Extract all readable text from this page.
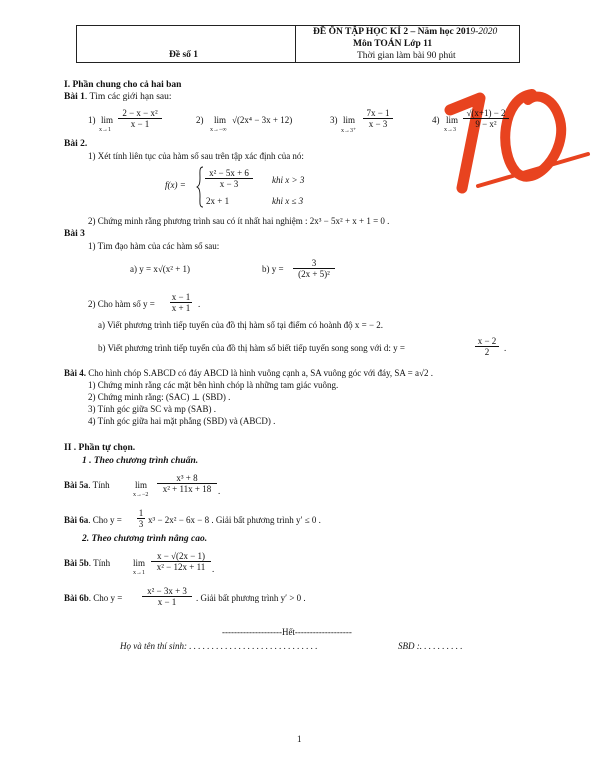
Đề số 1
ĐỀ ÔN TẬP HỌC KÌ 2 – Năm học 2019-2020
Môn TOÁN Lớp 11
Thời gian làm bài 90 phút
10
I. Phần chung cho cả hai ban
Bài 1. Tìm các giới hạn sau:
1) lim
x→1
2 − x − x²
x − 1	2) lim
x→−∞
√(2x⁴ − 3x + 12)	3) lim
x→3⁺
7x − 1
x − 3	4) lim
x→3
√(x+1) − 2
9 − x²
Bài 2.
1) Xét tính liên tục của hàm số sau trên tập xác định của nó:
f(x) =
x² − 5x + 6
x − 3	khi x > 3
2x + 1	khi x ≤ 3
2) Chứng minh rằng phương trình sau có ít nhất hai nghiệm : 2x³ − 5x² + x + 1 = 0 .
Bài 3
1) Tìm đạo hàm của các hàm số sau:
a) y = x√(x² + 1)	b) y =
3
(2x + 5)²
2) Cho hàm số y =
x − 1
x + 1 .
a) Viết phương trình tiếp tuyến của đồ thị hàm số tại điểm có hoành độ x = − 2.
b) Viết phương trình tiếp tuyến của đồ thị hàm số biết tiếp tuyến song song với d: y =
x − 2
2	.
Bài 4. Cho hình chóp S.ABCD có đáy ABCD là hình vuông cạnh a, SA vuông góc với đáy, SA = a√2 .
1) Chứng minh rằng các mặt bên hình chóp là những tam giác vuông.
2) Chứng minh rằng: (SAC) ⊥ (SBD) .
3) Tính góc giữa SC và mp (SAB) .
4) Tính góc giữa hai mặt phẳng (SBD) và (ABCD) .
II . Phần tự chọn.
1 . Theo chương trình chuẩn.
Bài 5a. Tính	lim
x→−2
x³ + 8
x² + 11x + 18 .
Bài 6a. Cho y =
1
3 x³ − 2x² − 6x − 8 . Giải bất phương trình y′ ≤ 0 .
2. Theo chương trình nâng cao.
Bài 5b. Tính	lim
x→1
x − √(2x − 1)
x² − 12x + 11 .
Bài 6b. Cho y =
x² − 3x + 3
x − 1	. Giải bất phương trình y′ > 0 .
--------------------Hết-------------------
Họ và tên thí sinh: . . . . . . . . . . . . . . . . . . . . . . . . . . . . .	SBD :. . . . . . . . . .
1
